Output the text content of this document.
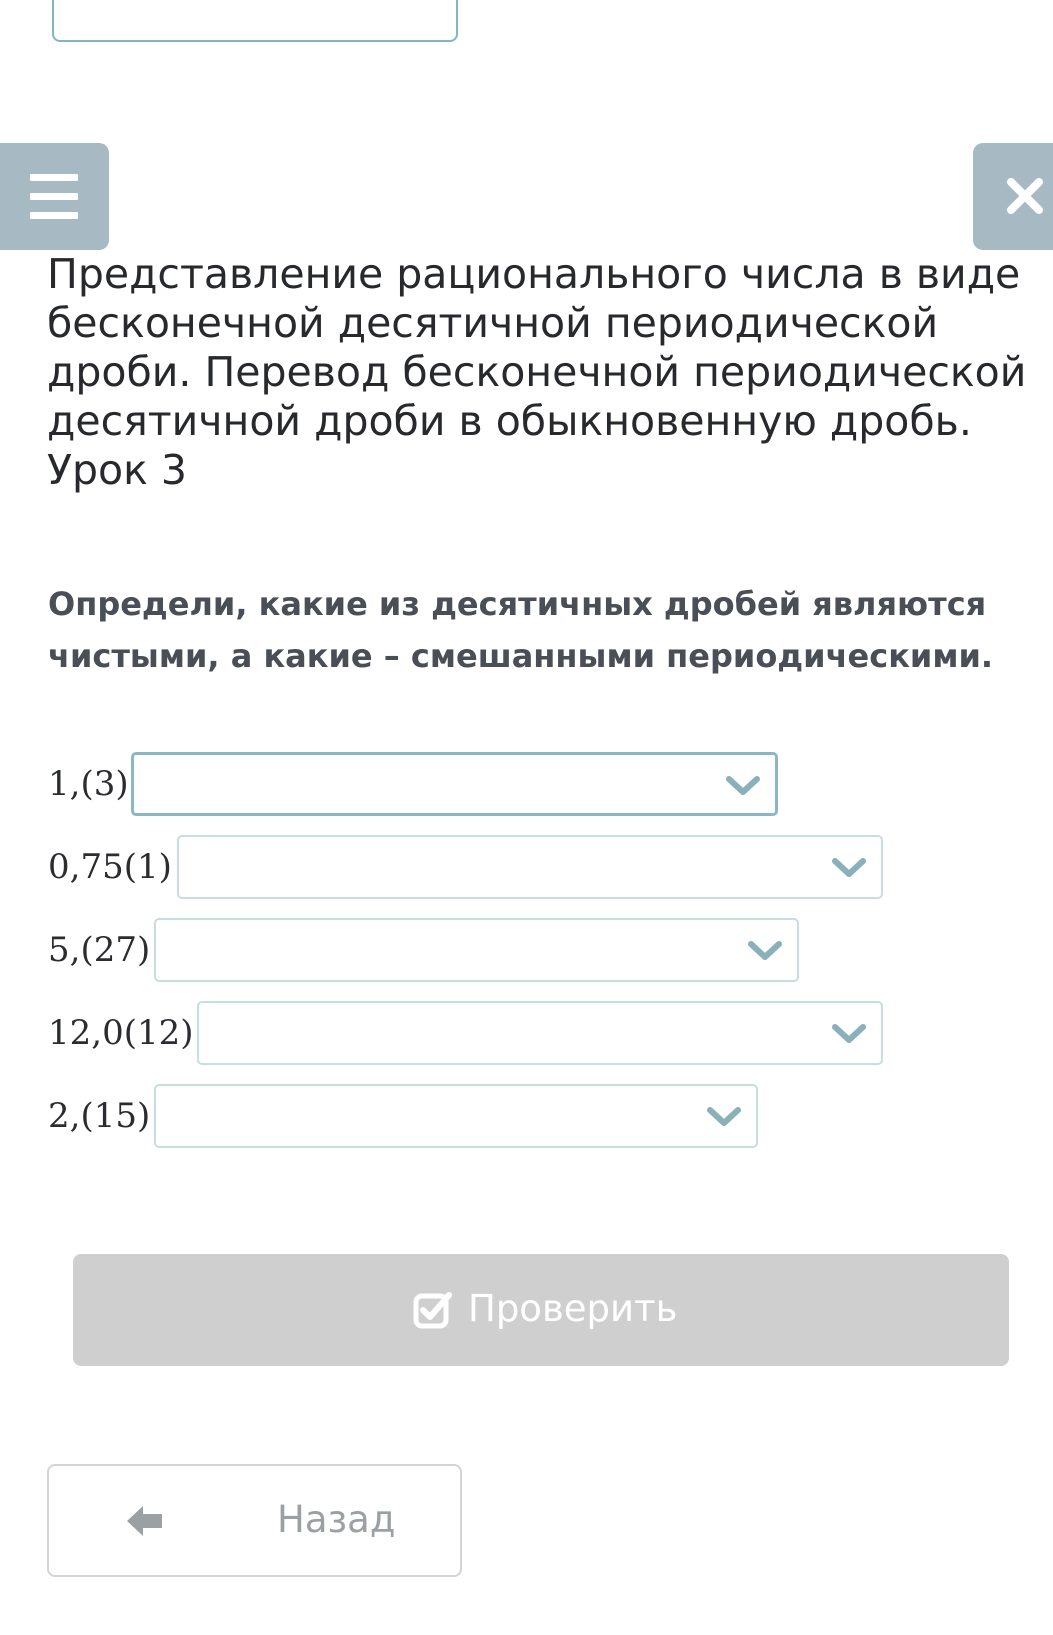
Представление рационального числа в виде бесконечной десятичной периодической дроби. Перевод бесконечной периодической десятичной дроби в обыкновенную дробь. Урок 3

Определи, какие из десятичных дробей являются чистыми, а какие – смешанными периодическими.

1,(3)
0,75(1)
5,(27)
12,0(12)
2,(15)
Проверить
Назад
